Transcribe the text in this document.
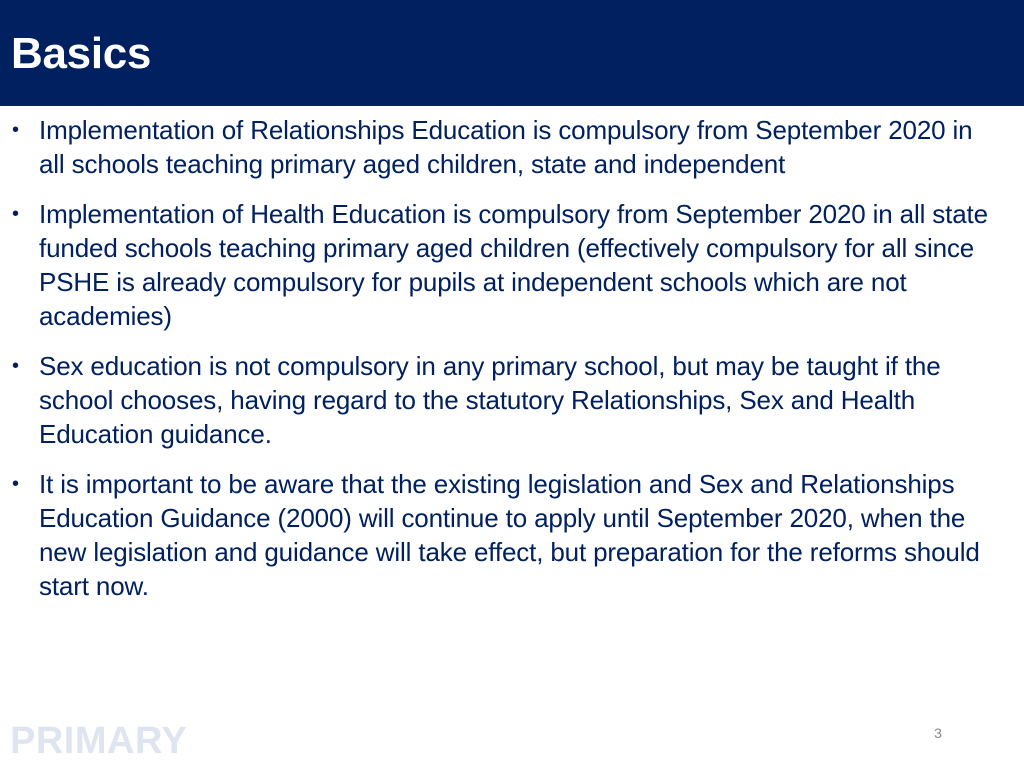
Basics
• Implementation of Relationships Education is compulsory from September 2020 in all schools teaching primary aged children, state and independent
• Implementation of Health Education is compulsory from September 2020 in all state funded schools teaching primary aged children (effectively compulsory for all since PSHE is already compulsory for pupils at independent schools which are not academies)
• Sex education is not compulsory in any primary school, but may be taught if the school chooses, having regard to the statutory Relationships, Sex and Health Education guidance.
• It is important to be aware that the existing legislation and Sex and Relationships Education Guidance (2000) will continue to apply until September 2020, when the new legislation and guidance will take effect, but preparation for the reforms should start now.
PRIMARY	3
